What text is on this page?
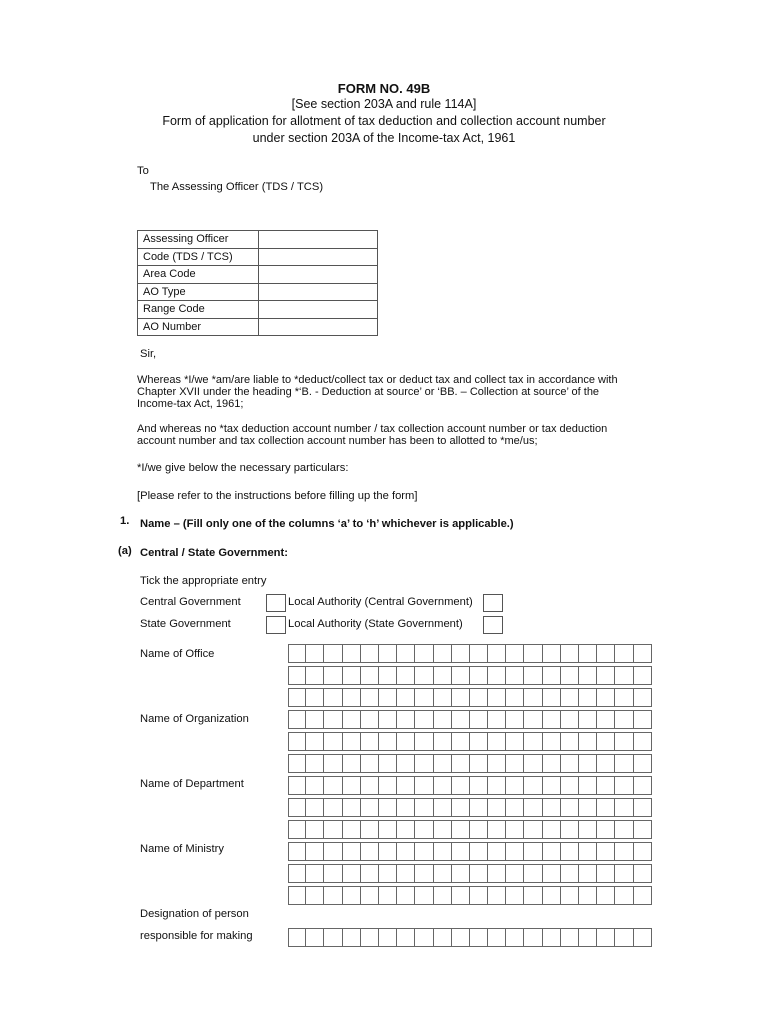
FORM NO. 49B
[See section 203A and rule 114A]
Form of application for allotment of tax deduction and collection account number
under section 203A of the Income-tax Act, 1961
To
The Assessing Officer (TDS / TCS)
Assessing Officer	
Code (TDS / TCS)	
Area Code	
AO Type	
Range Code	
AO Number	
Sir,
Whereas *I/we *am/are liable to *deduct/collect tax or deduct tax and collect tax in accordance with
Chapter XVII under the heading *‘B. - Deduction at source’ or ‘BB. – Collection at source’ of the
Income-tax Act, 1961;
And whereas no *tax deduction account number / tax collection account number or tax deduction
account number and tax collection account number has been to allotted to *me/us;
*I/we give below the necessary particulars:
[Please refer to the instructions before filling up the form]
1. Name – (Fill only one of the columns ‘a’ to ‘h’ whichever is applicable.)
(a) Central / State Government:
Tick the appropriate entry
Central Government	Local Authority (Central Government)
State Government	Local Authority (State Government)
Name of Office
Name of Organization
Name of Department
Name of Ministry
Designation of person
responsible for making
